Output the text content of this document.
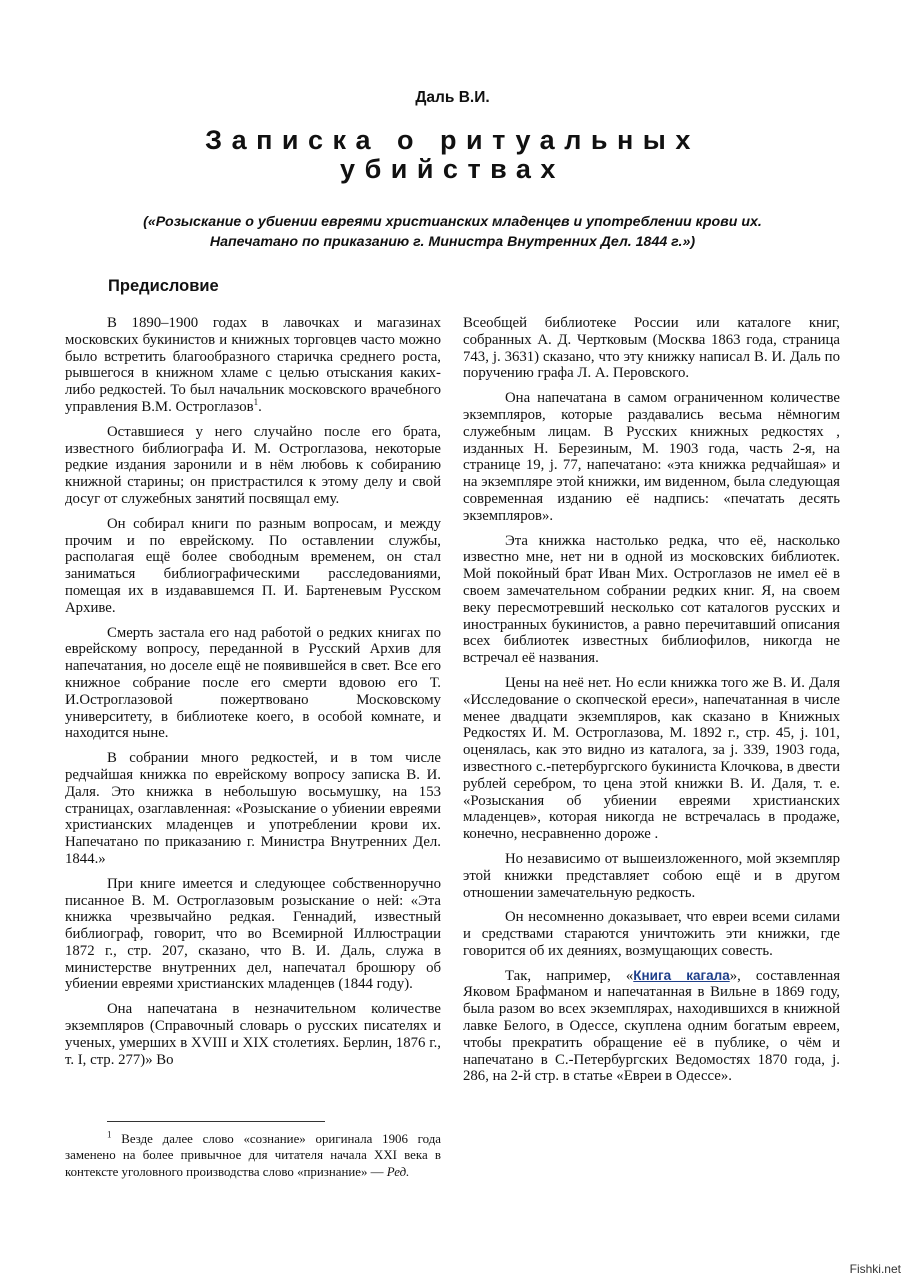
Даль В.И.
Записка о ритуальных
убийствах
(«Розыскание о убиении евреями христианских младенцев и употреблении крови их.
Напечатано по приказанию г. Министра Внутренних Дел. 1844 г.»)
Предисловие

В 1890–1900 годах в лавочках и магазинах московских букинистов и книжных торговцев часто можно было встретить благообразного старичка среднего роста, рывшегося в книжном хламе с целью отыскания каких-либо редкостей. То был начальник московского врачебного управления В.М. Остроглазов$^1$.

Оставшиеся у него случайно после его брата, известного библиографа И. М. Остроглазова, некоторые редкие издания заронили и в нём любовь к собиранию книжной старины; он пристрастился к этому делу и свой досуг от служебных занятий посвящал ему.

Он собирал книги по разным вопросам, и между прочим и по еврейскому. По оставлении службы, располагая ещё более свободным временем, он стал заниматься библиографическими расследованиями, помещая их в издававшемся П. И. Бартеневым Русском Архиве.

Смерть застала его над работой о редких книгах по еврейскому вопросу, переданной в Русский Архив для напечатания, но доселе ещё не появившейся в свет. Все его книжное собрание после его смерти вдовою его Т. И.Остроглазовой пожертвовано Московскому университету, в библиотеке коего, в особой комнате, и находится ныне.

В собрании много редкостей, и в том числе редчайшая книжка по еврейскому вопросу записка В. И. Даля. Это книжка в небольшую восьмушку, на 153 страницах, озаглавленная: «Розыскание о убиении евреями христианских младенцев и употреблении крови их. Напечатано по приказанию г. Министра Внутренних Дел. 1844.»

При книге имеется и следующее собственноручно писанное В. М. Остроглазовым розыскание о ней: «Эта книжка чрезвычайно редкая. Геннадий, известный библиограф, говорит, что во Всемирной Иллюстрации 1872 г., стр. 207, сказано, что В. И. Даль, служа в министерстве внутренних дел, напечатал брошюру об убиении евреями христианских младенцев (1844 году).

Она напечатана в незначительном количестве экземпляров (Справочный словарь о русских писателях и ученых, умерших в XVIII и XIX столетиях. Берлин, 1876 г., т. I, стр. 277)» Во

$^1$ Везде далее слово «сознание» оригинала 1906 года заменено на более привычное для читателя начала XXI века в контексте уголовного производства слово «признание» — Ред.

Всеобщей библиотеке России или каталоге книг, собранных А. Д. Чертковым (Москва 1863 года, страница 743, j. 3631) сказано, что эту книжку написал В. И. Даль по поручению графа Л. А. Перовского.

Она напечатана в самом ограниченном количестве экземпляров, которые раздавались весьма нёмногим служебным лицам. В Русских книжных редкостях , изданных Н. Березиным, М. 1903 года, часть 2-я, на странице 19, j. 77, напечатано: «эта книжка редчайшая» и на экземпляре этой книжки, им виденном, была следующая современная изданию её надпись: «печатать десять экземпляров».

Эта книжка настолько редка, что её, насколько известно мне, нет ни в одной из московских библиотек. Мой покойный брат Иван Мих. Остроглазов не имел её в своем замечательном собрании редких книг. Я, на своем веку пересмотревший несколько сот каталогов русских и иностранных букинистов, а равно перечитавший описания всех библиотек известных библиофилов, никогда не встречал её названия.

Цены на неё нет. Но если книжка того же В. И. Даля «Исследование о скопческой ереси», напечатанная в числе менее двадцати экземпляров, как сказано в Книжных Редкостях И. М. Остроглазова, М. 1892 г., стр. 45, j. 101, оценялась, как это видно из каталога, за j. 339, 1903 года, известного с.-петербургского букиниста Клочкова, в двести рублей серебром, то цена этой книжки В. И. Даля, т. е. «Розыскания об убиении евреями христианских младенцев», которая никогда не встречалась в продаже, конечно, несравненно дороже .

Но независимо от вышеизложенного, мой экземпляр этой книжки представляет собою ещё и в другом отношении замечательную редкость.

Он несомненно доказывает, что евреи всеми силами и средствами стараются уничтожить эти книжки, где говорится об их деяниях, возмущающих совесть.

Так, например, «Книга кагала», составленная Яковом Брафманом и напечатанная в Вильне в 1869 году, была разом во всех экземплярах, находившихся в книжной лавке Белого, в Одессе, скуплена одним богатым евреем, чтобы прекратить обращение её в публике, о чём и напечатано в С.-Петербургских Ведомостях 1870 года, j. 286, на 2-й стр. в статье «Евреи в Одессе».

Fishki.net
